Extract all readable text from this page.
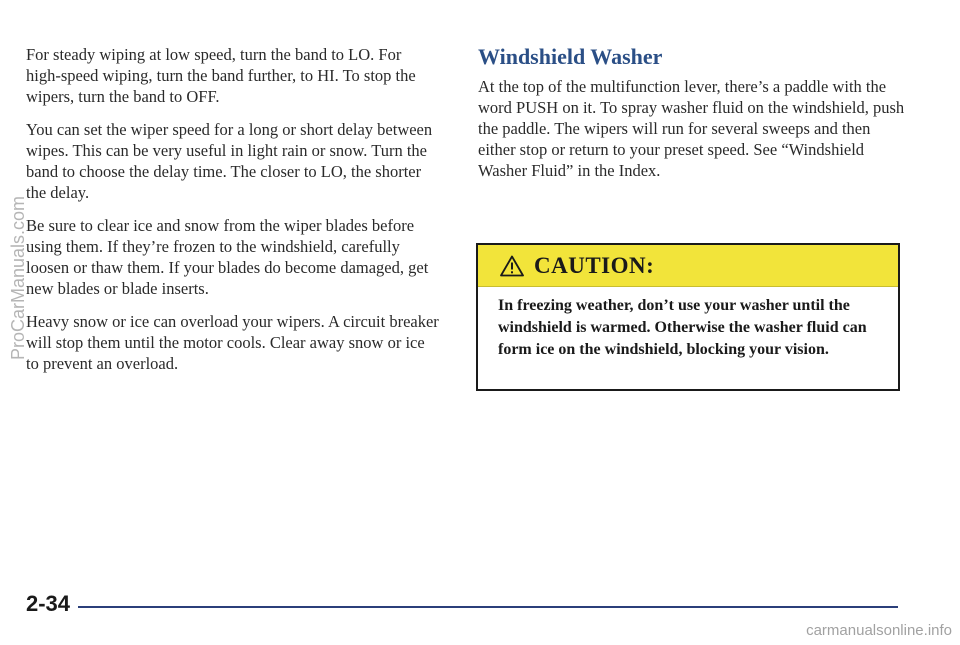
For steady wiping at low speed, turn the band to LO. For high-speed wiping, turn the band further, to HI. To stop the wipers, turn the band to OFF.

You can set the wiper speed for a long or short delay between wipes. This can be very useful in light rain or snow. Turn the band to choose the delay time. The closer to LO, the shorter the delay.

Be sure to clear ice and snow from the wiper blades before using them. If they’re frozen to the windshield, carefully loosen or thaw them. If your blades do become damaged, get new blades or blade inserts.

Heavy snow or ice can overload your wipers. A circuit breaker will stop them until the motor cools. Clear away snow or ice to prevent an overload.

Windshield Washer

At the top of the multifunction lever, there’s a paddle with the word PUSH on it. To spray washer fluid on the windshield, push the paddle. The wipers will run for several sweeps and then either stop or return to your preset speed. See “Windshield Washer Fluid” in the Index.

CAUTION:
In freezing weather, don’t use your washer until the windshield is warmed. Otherwise the washer fluid can form ice on the windshield, blocking your vision.
ProCarManuals.com
2-34
carmanualsonline.info
